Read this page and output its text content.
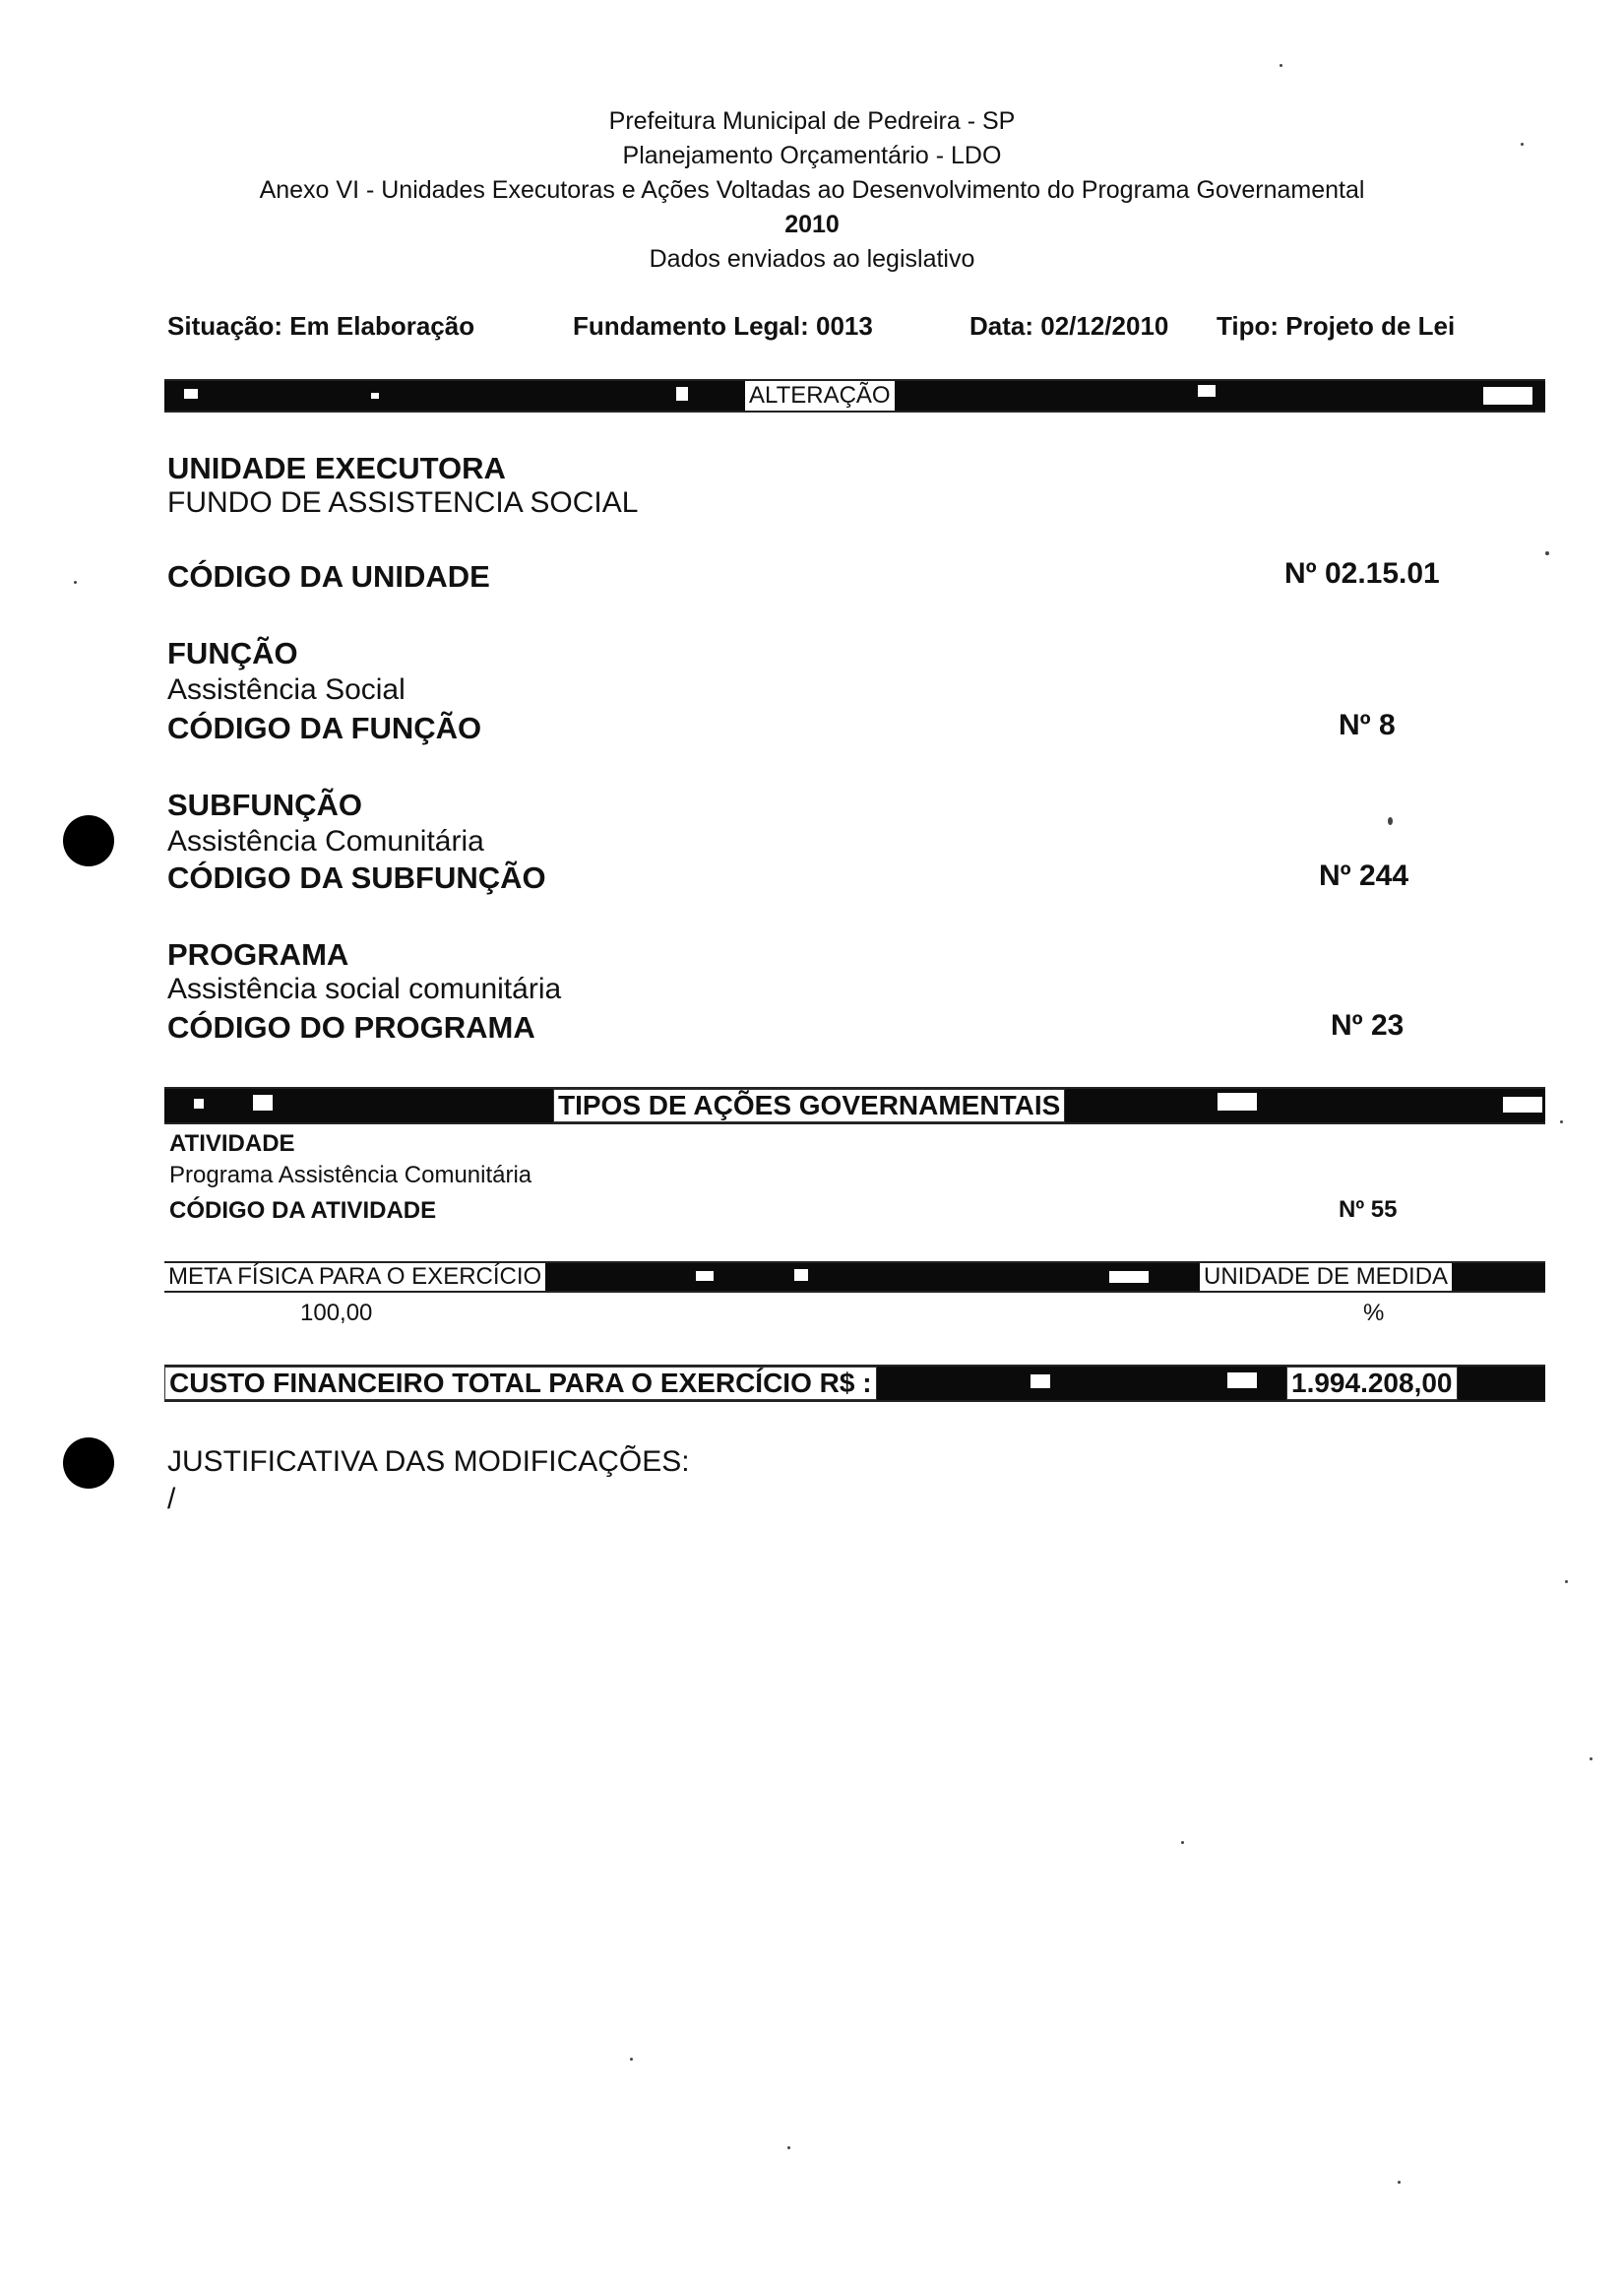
Prefeitura Municipal de Pedreira - SP
Planejamento Orçamentário - LDO
Anexo VI - Unidades Executoras e Ações Voltadas ao Desenvolvimento do Programa Governamental
2010
Dados enviados ao legislativo
Situação: Em Elaboração	Fundamento Legal: 0013	Data: 02/12/2010 Tipo: Projeto de Lei
ALTERAÇÃO
UNIDADE EXECUTORA
FUNDO DE ASSISTENCIA SOCIAL
CÓDIGO DA UNIDADE	Nº 02.15.01
FUNÇÃO
Assistência Social
CÓDIGO DA FUNÇÃO	Nº 8
SUBFUNÇÃO
Assistência Comunitária
CÓDIGO DA SUBFUNÇÃO	Nº 244
PROGRAMA
Assistência social comunitária
CÓDIGO DO PROGRAMA	Nº 23
TIPOS DE AÇÕES GOVERNAMENTAIS
ATIVIDADE
Programa Assistência Comunitária
CÓDIGO DA ATIVIDADE	Nº 55
META FÍSICA PARA O EXERCÍCIO	UNIDADE DE MEDIDA
100,00	%
CUSTO FINANCEIRO TOTAL PARA O EXERCÍCIO R$ :	1.994.208,00
JUSTIFICATIVA DAS MODIFICAÇÕES:
/
